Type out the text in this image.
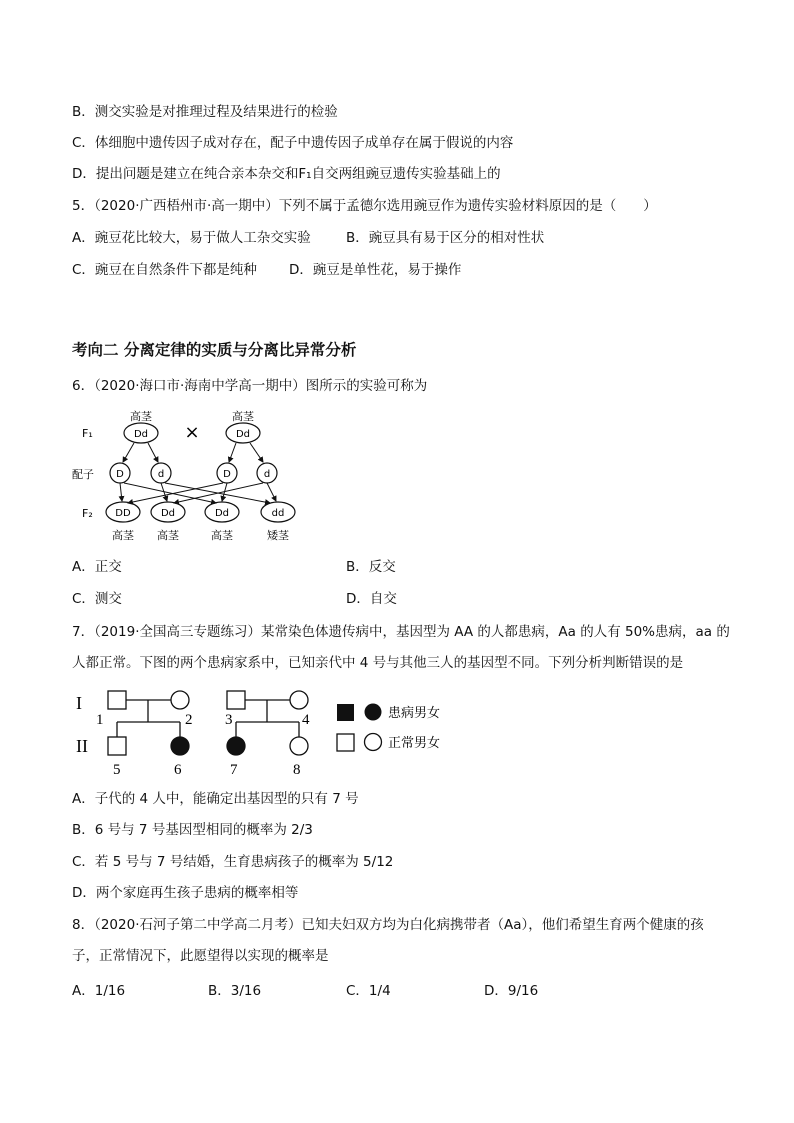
B．测交实验是对推理过程及结果进行的检验
C．体细胞中遗传因子成对存在，配子中遗传因子成单存在属于假说的内容
D．提出问题是建立在纯合亲本杂交和F₁自交两组豌豆遗传实验基础上的
5．（2020·广西梧州市·高一期中）下列不属于孟德尔选用豌豆作为遗传实验材料原因的是（　　）
A．豌豆花比较大，易于做人工杂交实验	B．豌豆具有易于区分的相对性状
C．豌豆在自然条件下都是纯种 D．豌豆是单性花，易于操作
考向二 分离定律的实质与分离比异常分析
6．（2020·海口市·海南中学高一期中）图所示的实验可称为
高茎	高茎
F₁
配子
F₂
Dd ×	Dd
D	d	D	d
DD	Dd	Dd	dd
高茎 高茎	高茎	矮茎
A．正交	B．反交
C．测交	D．自交
7．（2019·全国高三专题练习）某常染色体遗传病中，基因型为 AA 的人都患病，Aa 的人有 50%患病，aa 的
人都正常。下图的两个患病家系中，已知亲代中 4 号与其他三人的基因型不同。下列分析判断错误的是
I
II
1	2
5	6
3	4
7	8
患病男女
正常男女
A．子代的 4 人中，能确定出基因型的只有 7 号
B．6 号与 7 号基因型相同的概率为 2/3
C．若 5 号与 7 号结婚，生育患病孩子的概率为 5/12
D．两个家庭再生孩子患病的概率相等
8．（2020·石河子第二中学高二月考）已知夫妇双方均为白化病携带者（Aa），他们希望生育两个健康的孩
子，正常情况下，此愿望得以实现的概率是
A．1/16	B．3/16	C．1/4	D．9/16
